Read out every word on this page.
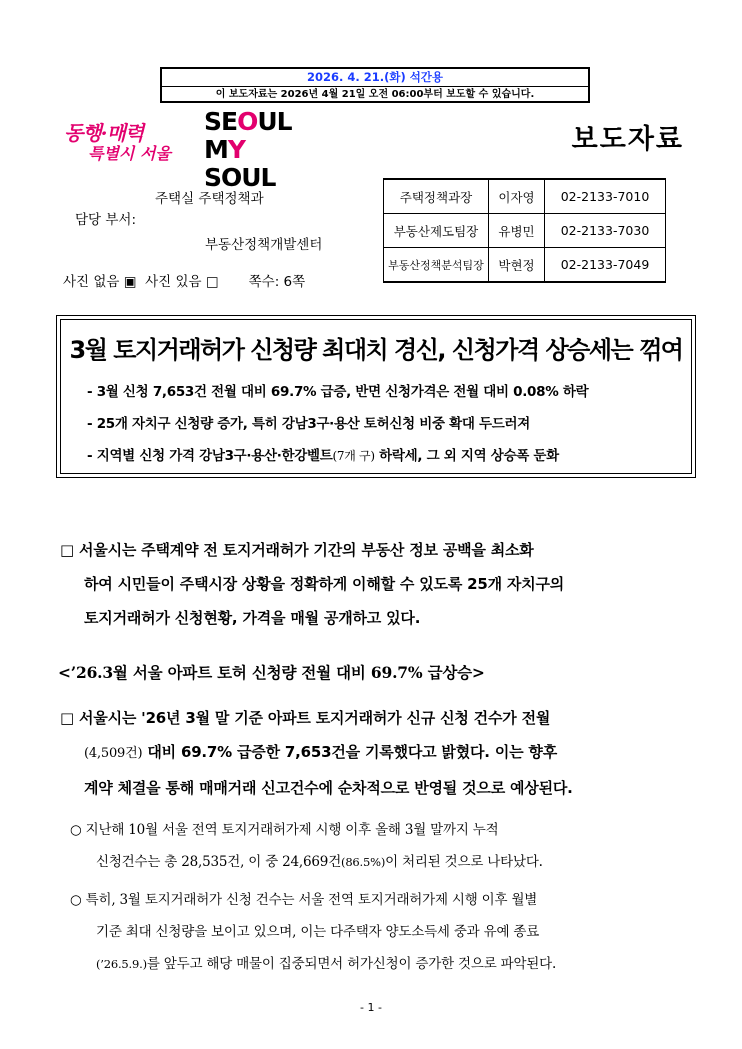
2026. 4. 21.(화) 석간용
이 보도자료는 2026년 4월 21일 오전 06:00부터 보도할 수 있습니다.
동행·매력
특별시 서울
SEOUL
MY SOUL
보도자료
주택실 주택정책과
담당 부서:
부동산정책개발센터
사진 없음 ▣  사진 있음 □       쪽수: 6쪽
주택정책과장	이자영	02-2133-7010
부동산제도팀장	유병민	02-2133-7030
부동산정책분석팀장	박현정	02-2133-7049
3월 토지거래허가 신청량 최대치 경신, 신청가격 상승세는 꺾여
- 3월 신청 7,653건 전월 대비 69.7% 급증, 반면 신청가격은 전월 대비 0.08% 하락
- 25개 자치구 신청량 증가, 특히 강남3구·용산 토허신청 비중 확대 두드러져
- 지역별 신청 가격 강남3구·용산·한강벨트(7개 구) 하락세, 그 외 지역 상승폭 둔화
□ 서울시는 주택계약 전 토지거래허가 기간의 부동산 정보 공백을 최소화
하여 시민들이 주택시장 상황을 정확하게 이해할 수 있도록 25개 자치구의
토지거래허가 신청현황, 가격을 매월 공개하고 있다.
<’26.3월 서울 아파트 토허 신청량 전월 대비 69.7% 급상승>
□ 서울시는 '26년 3월 말 기준 아파트 토지거래허가 신규 신청 건수가 전월
(4,509건) 대비 69.7% 급증한 7,653건을 기록했다고 밝혔다. 이는 향후
계약 체결을 통해 매매거래 신고건수에 순차적으로 반영될 것으로 예상된다.
○ 지난해 10월 서울 전역 토지거래허가제 시행 이후 올해 3월 말까지 누적
신청건수는 총 28,535건, 이 중 24,669건(86.5%)이 처리된 것으로 나타났다.
○ 특히, 3월 토지거래허가 신청 건수는 서울 전역 토지거래허가제 시행 이후 월별
기준 최대 신청량을 보이고 있으며, 이는 다주택자 양도소득세 중과 유예 종료
(’26.5.9.)를 앞두고 해당 매물이 집중되면서 허가신청이 증가한 것으로 파악된다.
- 1 -
